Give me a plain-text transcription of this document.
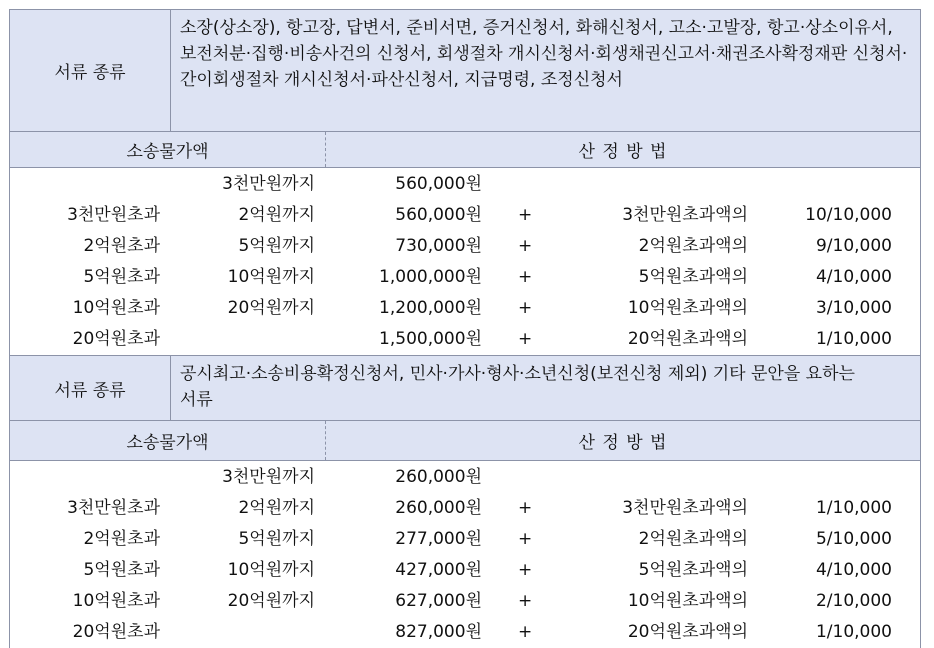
서류 종류
소장(상소장), 항고장, 답변서, 준비서면, 증거신청서, 화해신청서, 고소·고발장, 항고·상소이유서, 보전처분·집행·비송사건의 신청서, 회생절차 개시신청서·회생채권신고서·채권조사확정재판 신청서·간이회생절차 개시신청서·파산신청서, 지급명령, 조정신청서
소송물가액	산 정 방 법
3천만원까지	560,000원
3천만원초과	2억원까지	560,000원 +	3천만원초과액의	10/10,000
2억원초과	5억원까지	730,000원 +	2억원초과액의	9/10,000
5억원초과	10억원까지	1,000,000원 +	5억원초과액의	4/10,000
10억원초과	20억원까지	1,200,000원 +	10억원초과액의	3/10,000
20억원초과	1,500,000원 +	20억원초과액의	1/10,000
서류 종류
공시최고·소송비용확정신청서, 민사·가사·형사·소년신청(보전신청 제외) 기타 문안을 요하는 서류
소송물가액	산 정 방 법
3천만원까지	260,000원
3천만원초과	2억원까지	260,000원 +	3천만원초과액의	1/10,000
2억원초과	5억원까지	277,000원 +	2억원초과액의	5/10,000
5억원초과	10억원까지	427,000원 +	5억원초과액의	4/10,000
10억원초과	20억원까지	627,000원 +	10억원초과액의	2/10,000
20억원초과	827,000원 +	20억원초과액의	1/10,000
